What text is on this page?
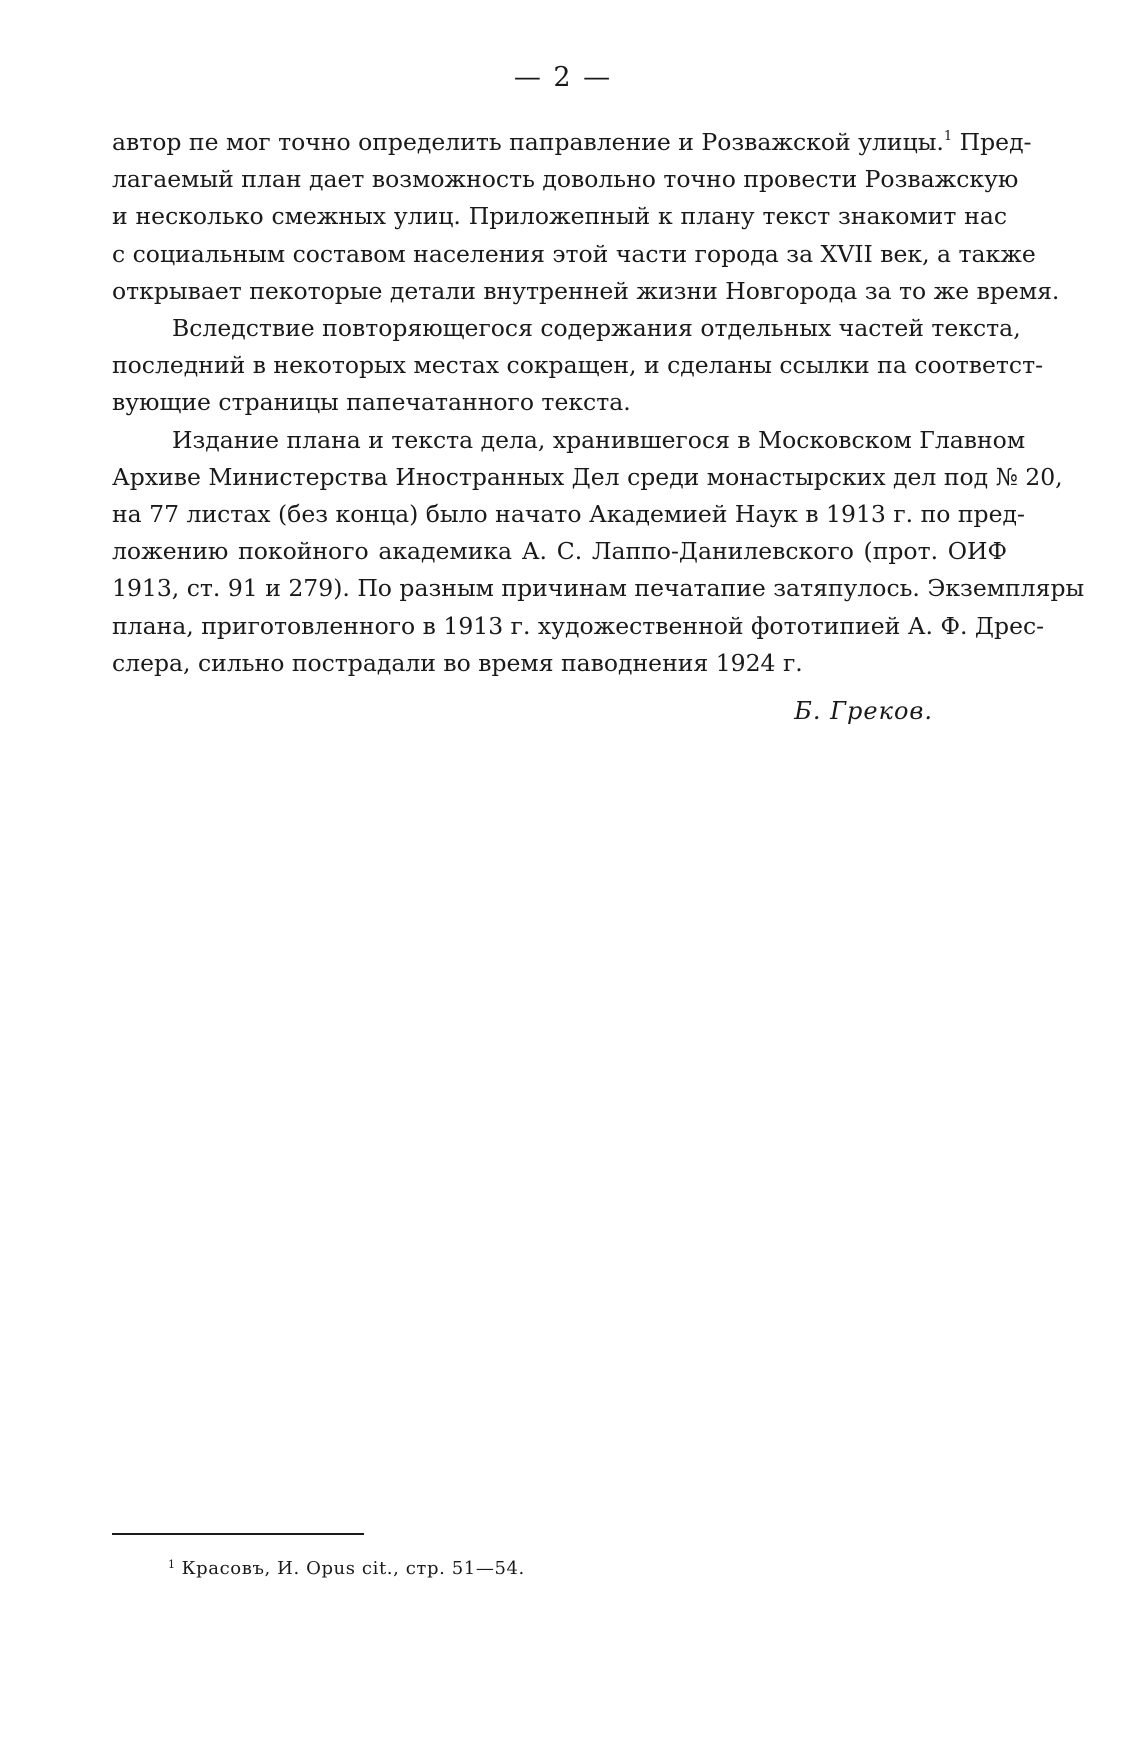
— 2 —

автор пе мог точно определить паправление и Розважской улицы.$^1$ Пред-
лагаемый план дает возможность довольно точно провести Розважскую
и несколько смежных улиц. Приложепный к плану текст знакомит нас
с социальным составом населения этой части города за XVII век, а также
открывает пекоторые детали внутренней жизни Новгорода за то же время.

Вследствие повторяющегося содержания отдельных частей текста,
последний в некоторых местах сокращен, и сделаны ссылки па соответст-
вующие страницы папечатанного текста.

Издание плана и текста дела, хранившегося в Московском Главном
Архиве Министерства Иностранных Дел среди монастырских дел под № 20,
на 77 листах (без конца) было начато Академией Наук в 1913 г. по пред-
ложению покойного академика А. С. Лаппо-Данилевского (прот. ОИФ
1913, ст. 91 и 279). По разным причинам печатапие затяпулось. Экземпляры
плана, приготовленного в 1913 г. художественной фототипией А. Ф. Дрес-
слера, сильно пострадали во время паводнения 1924 г.

Б. Греков.
$^1$ Красовъ, И. Opus cit., стр. 51—54.
